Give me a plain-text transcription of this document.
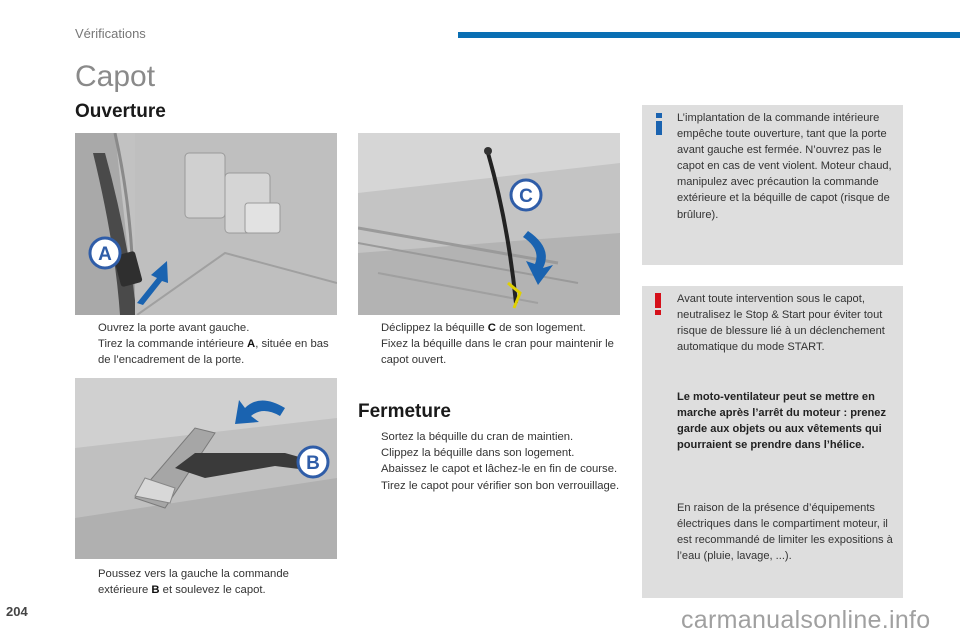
Vérifications
Capot
Ouverture
A
C
B
Ouvrez la porte avant gauche.
Tirez la commande intérieure A, située en bas de l’encadrement de la porte.
Déclippez la béquille C de son logement.
Fixez la béquille dans le cran pour maintenir le capot ouvert.
Fermeture
Sortez la béquille du cran de maintien.
Clippez la béquille dans son logement.
Abaissez le capot et lâchez-le en fin de course.
Tirez le capot pour vérifier son bon verrouillage.
Poussez vers la gauche la commande extérieure B et soulevez le capot.

L’implantation de la commande intérieure empêche toute ouverture, tant que la porte avant gauche est fermée. N’ouvrez pas le capot en cas de vent violent. Moteur chaud, manipulez avec précaution la commande extérieure et la béquille de capot (risque de brûlure).

Avant toute intervention sous le capot, neutralisez le Stop & Start pour éviter tout risque de blessure lié à un déclenchement automatique du mode START.

Le moto-ventilateur peut se mettre en marche après l’arrêt du moteur : prenez garde aux objets ou aux vêtements qui pourraient se prendre dans l’hélice.

En raison de la présence d’équipements électriques dans le compartiment moteur, il est recommandé de limiter les expositions à l’eau (pluie, lavage, ...).

204	carmanualsonline.info
